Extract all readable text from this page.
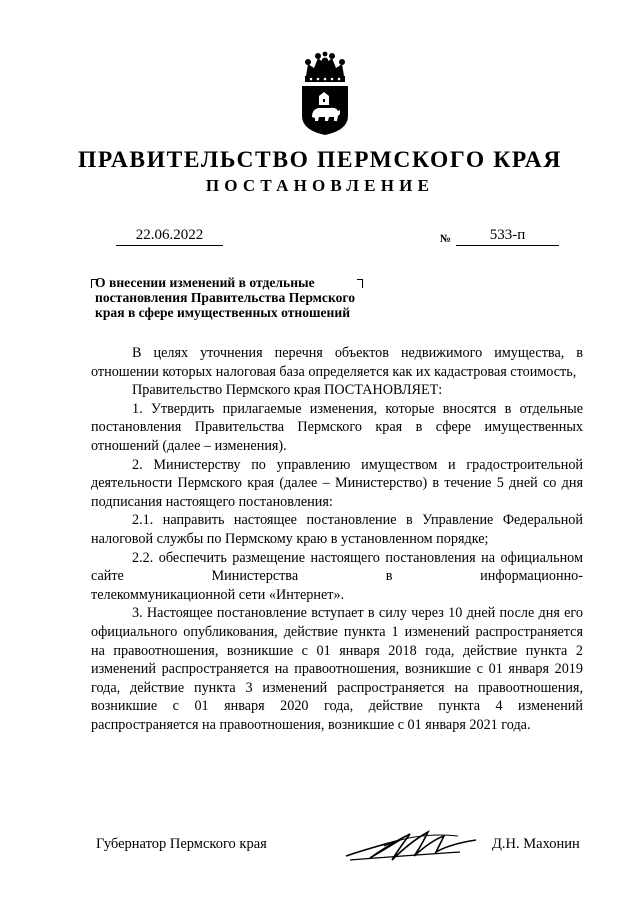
ПРАВИТЕЛЬСТВО ПЕРМСКОГО КРАЯ
ПОСТАНОВЛЕНИЕ
22.06.2022	№	533-п
О внесении изменений в отдельные
постановления Правительства Пермского
края в сфере имущественных отношений

В целях уточнения перечня объектов недвижимого имущества, в отношении которых налоговая база определяется как их кадастровая стоимость,

Правительство Пермского края ПОСТАНОВЛЯЕТ:

1. Утвердить прилагаемые изменения, которые вносятся в отдельные постановления Правительства Пермского края в сфере имущественных отношений (далее – изменения).

2. Министерству по управлению имуществом и градостроительной деятельности Пермского края (далее – Министерство) в течение 5 дней со дня подписания настоящего постановления:

2.1. направить настоящее постановление в Управление Федеральной налоговой службы по Пермскому краю в установленном порядке;

2.2. обеспечить размещение настоящего постановления на официальном сайте Министерства в информационно-

телекоммуникационной сети «Интернет».

3. Настоящее постановление вступает в силу через 10 дней после дня его официального опубликования, действие пункта 1 изменений распространяется на правоотношения, возникшие с 01 января 2018 года, действие пункта 2 изменений распространяется на правоотношения, возникшие с 01 января 2019 года, действие пункта 3 изменений распространяется на правоотношения, возникшие с 01 января 2020 года, действие пункта 4 изменений распространяется на правоотношения, возникшие с 01 января 2021 года.

Губернатор Пермского края	Д.Н. Махонин
